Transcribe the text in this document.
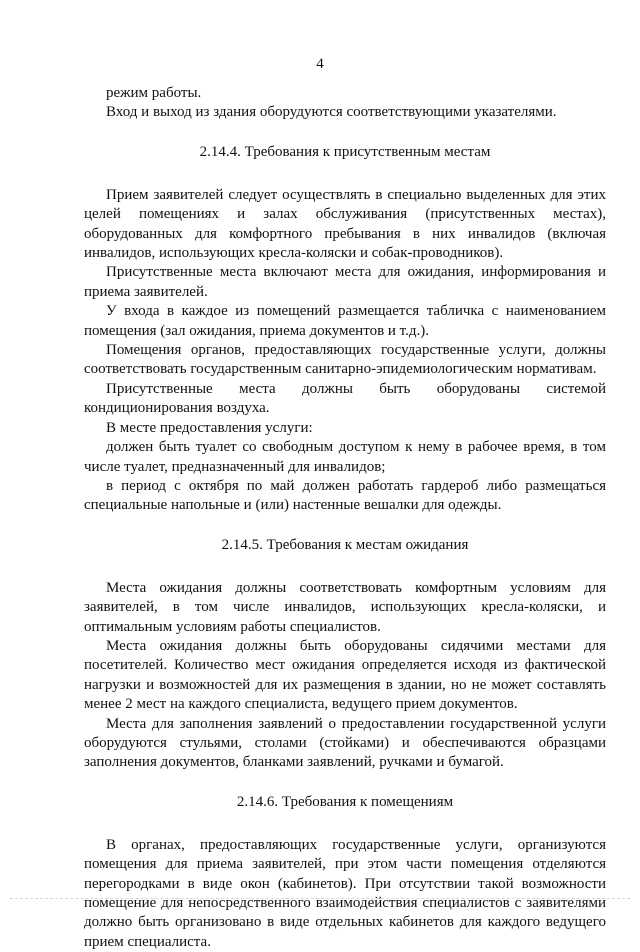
4

режим работы.

Вход и выход из здания оборудуются соответствующими указателями.

2.14.4. Требования к присутственным местам

Прием заявителей следует осуществлять в специально выделенных для этих целей помещениях и залах обслуживания (присутственных местах), оборудованных для комфортного пребывания в них инвалидов (включая инвалидов, использующих кресла-коляски и собак-проводников).

Присутственные места включают места для ожидания, информирования и приема заявителей.

У входа в каждое из помещений размещается табличка с наименованием помещения (зал ожидания, приема документов и т.д.).

Помещения органов, предоставляющих государственные услуги, должны соответствовать государственным санитарно-эпидемиологическим нормативам.

Присутственные места должны быть оборудованы системой кондиционирования воздуха.

В месте предоставления услуги:

должен быть туалет со свободным доступом к нему в рабочее время, в том числе туалет, предназначенный для инвалидов;

в период с октября по май должен работать гардероб либо размещаться специальные напольные и (или) настенные вешалки для одежды.

2.14.5. Требования к местам ожидания

Места ожидания должны соответствовать комфортным условиям для заявителей, в том числе инвалидов, использующих кресла-коляски, и оптимальным условиям работы специалистов.

Места ожидания должны быть оборудованы сидячими местами для посетителей. Количество мест ожидания определяется исходя из фактической нагрузки и возможностей для их размещения в здании, но не может составлять менее 2 мест на каждого специалиста, ведущего прием документов.

Места для заполнения заявлений о предоставлении государственной услуги оборудуются стульями, столами (стойками) и обеспечиваются образцами заполнения документов, бланками заявлений, ручками и бумагой.

2.14.6. Требования к помещениям

В органах, предоставляющих государственные услуги, организуются помещения для приема заявителей, при этом части помещения отделяются перегородками в виде окон (кабинетов). При отсутствии такой возможности помещение для непосредственного взаимодействия специалистов с заявителями должно быть организовано в виде отдельных кабинетов для каждого ведущего прием специалиста.
